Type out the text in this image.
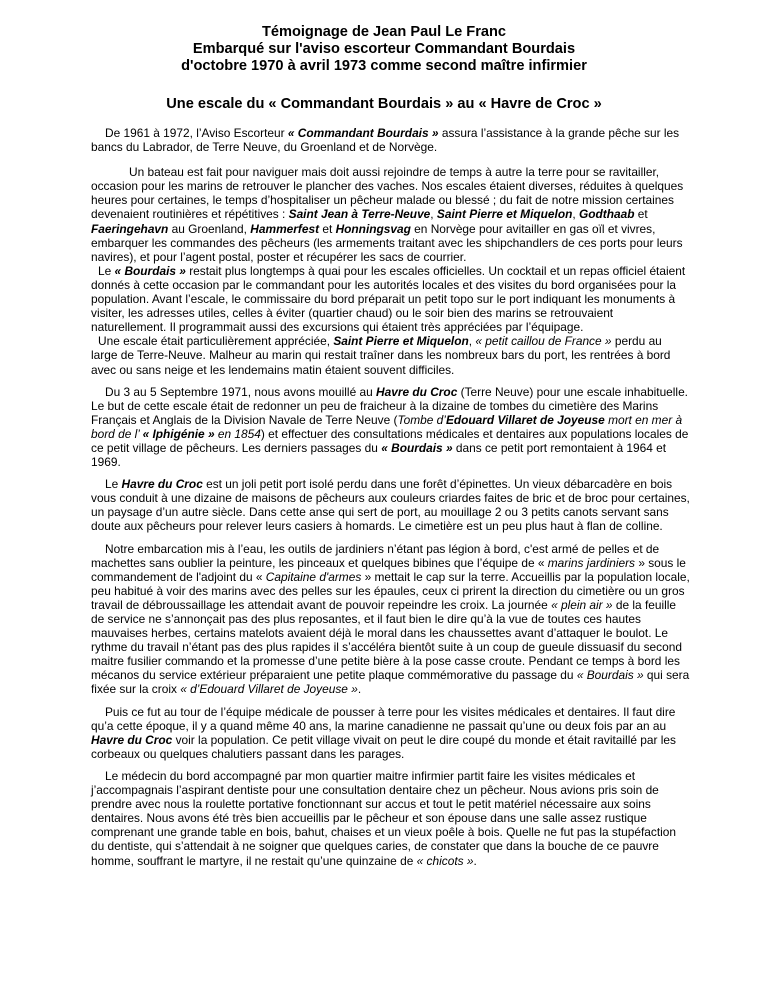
Témoignage de Jean Paul Le Franc
Embarqué sur l'aviso escorteur Commandant Bourdais
d'octobre 1970 à avril 1973 comme second maître infirmier
Une escale du « Commandant Bourdais » au « Havre de Croc »

De 1961 à 1972, l’Aviso Escorteur « Commandant Bourdais » assura l’assistance à la grande pêche sur les bancs du Labrador, de Terre Neuve, du Groenland et de Norvège.

Un bateau est fait pour naviguer mais doit aussi rejoindre de temps à autre la terre pour se ravitailler, occasion pour les marins de retrouver le plancher des vaches. Nos escales étaient diverses, réduites à quelques heures pour certaines, le temps d’hospitaliser un pêcheur malade ou blessé ; du fait de notre mission certaines devenaient routinières et répétitives : Saint Jean à Terre-Neuve, Saint Pierre et Miquelon, Godthaab et Faeringehavn au Groenland, Hammerfest et Honningsvag en Norvège pour avitailler en gas oïl et vivres, embarquer les commandes des pêcheurs (les armements traitant avec les shipchandlers de ces ports pour leurs navires), et pour l’agent postal, poster et récupérer les sacs de courrier.

Le « Bourdais » restait plus longtemps à quai pour les escales officielles. Un cocktail et un repas officiel étaient donnés à cette occasion par le commandant pour les autorités locales et des visites du bord organisées pour la population. Avant l’escale, le commissaire du bord préparait un petit topo sur le port indiquant les monuments à visiter, les adresses utiles, celles à éviter (quartier chaud) ou le soir bien des marins se retrouvaient naturellement. Il programmait aussi des excursions qui étaient très appréciées par l’équipage.

Une escale était particulièrement appréciée, Saint Pierre et Miquelon, « petit caillou de France » perdu au large de Terre-Neuve. Malheur au marin qui restait traîner dans les nombreux bars du port, les rentrées à bord avec ou sans neige et les lendemains matin étaient souvent difficiles.

Du 3 au 5 Septembre 1971, nous avons mouillé au Havre du Croc (Terre Neuve) pour une escale inhabituelle. Le but de cette escale était de redonner un peu de fraicheur à la dizaine de tombes du cimetière des Marins Français et Anglais de la Division Navale de Terre Neuve (Tombe d’Edouard Villaret de Joyeuse mort en mer à bord de l’ « Iphigénie » en 1854) et effectuer des consultations médicales et dentaires aux populations locales de ce petit village de pêcheurs. Les derniers passages du « Bourdais » dans ce petit port remontaient à 1964 et 1969.

Le Havre du Croc est un joli petit port isolé perdu dans une forêt d’épinettes. Un vieux débarcadère en bois vous conduit à une dizaine de maisons de pêcheurs aux couleurs criardes faites de bric et de broc pour certaines, un paysage d’un autre siècle. Dans cette anse qui sert de port, au mouillage 2 ou 3 petits canots servant sans doute aux pêcheurs pour relever leurs casiers à homards. Le cimetière est un peu plus haut à flan de colline.

Notre embarcation mis à l’eau, les outils de jardiniers n’étant pas légion à bord, c'est armé de pelles et de machettes sans oublier la peinture, les pinceaux et quelques bibines que l’équipe de « marins jardiniers » sous le commandement de l'adjoint du « Capitaine d'armes » mettait le cap sur la terre. Accueillis par la population locale, peu habitué à voir des marins avec des pelles sur les épaules, ceux ci prirent la direction du cimetière ou un gros travail de débroussaillage les attendait avant de pouvoir repeindre les croix. La journée « plein air » de la feuille de service ne s’annonçait pas des plus reposantes, et il faut bien le dire qu’à la vue de toutes ces hautes mauvaises herbes, certains matelots avaient déjà le moral dans les chaussettes avant d’attaquer le boulot. Le rythme du travail n’étant pas des plus rapides il s’accéléra bientôt suite à un coup de gueule dissuasif du second maitre fusilier commando et la promesse d’une petite bière à la pose casse croute. Pendant ce temps à bord les mécanos du service extérieur préparaient une petite plaque commémorative du passage du « Bourdais » qui sera fixée sur la croix « d’Edouard Villaret de Joyeuse ».

Puis ce fut au tour de l’équipe médicale de pousser à terre pour les visites médicales et dentaires. Il faut dire qu’a cette époque, il y a quand même 40 ans, la marine canadienne ne passait qu’une ou deux fois par an au Havre du Croc voir la population. Ce petit village vivait on peut le dire coupé du monde et était ravitaillé par les corbeaux ou quelques chalutiers passant dans les parages.

Le médecin du bord accompagné par mon quartier maitre infirmier partit faire les visites médicales et j’accompagnais l’aspirant dentiste pour une consultation dentaire chez un pêcheur. Nous avions pris soin de prendre avec nous la roulette portative fonctionnant sur accus et tout le petit matériel nécessaire aux soins dentaires. Nous avons été très bien accueillis par le pêcheur et son épouse dans une salle assez rustique comprenant une grande table en bois, bahut, chaises et un vieux poêle à bois. Quelle ne fut pas la stupéfaction du dentiste, qui s’attendait à ne soigner que quelques caries, de constater que dans la bouche de ce pauvre homme, souffrant le martyre, il ne restait qu’une quinzaine de « chicots ».
